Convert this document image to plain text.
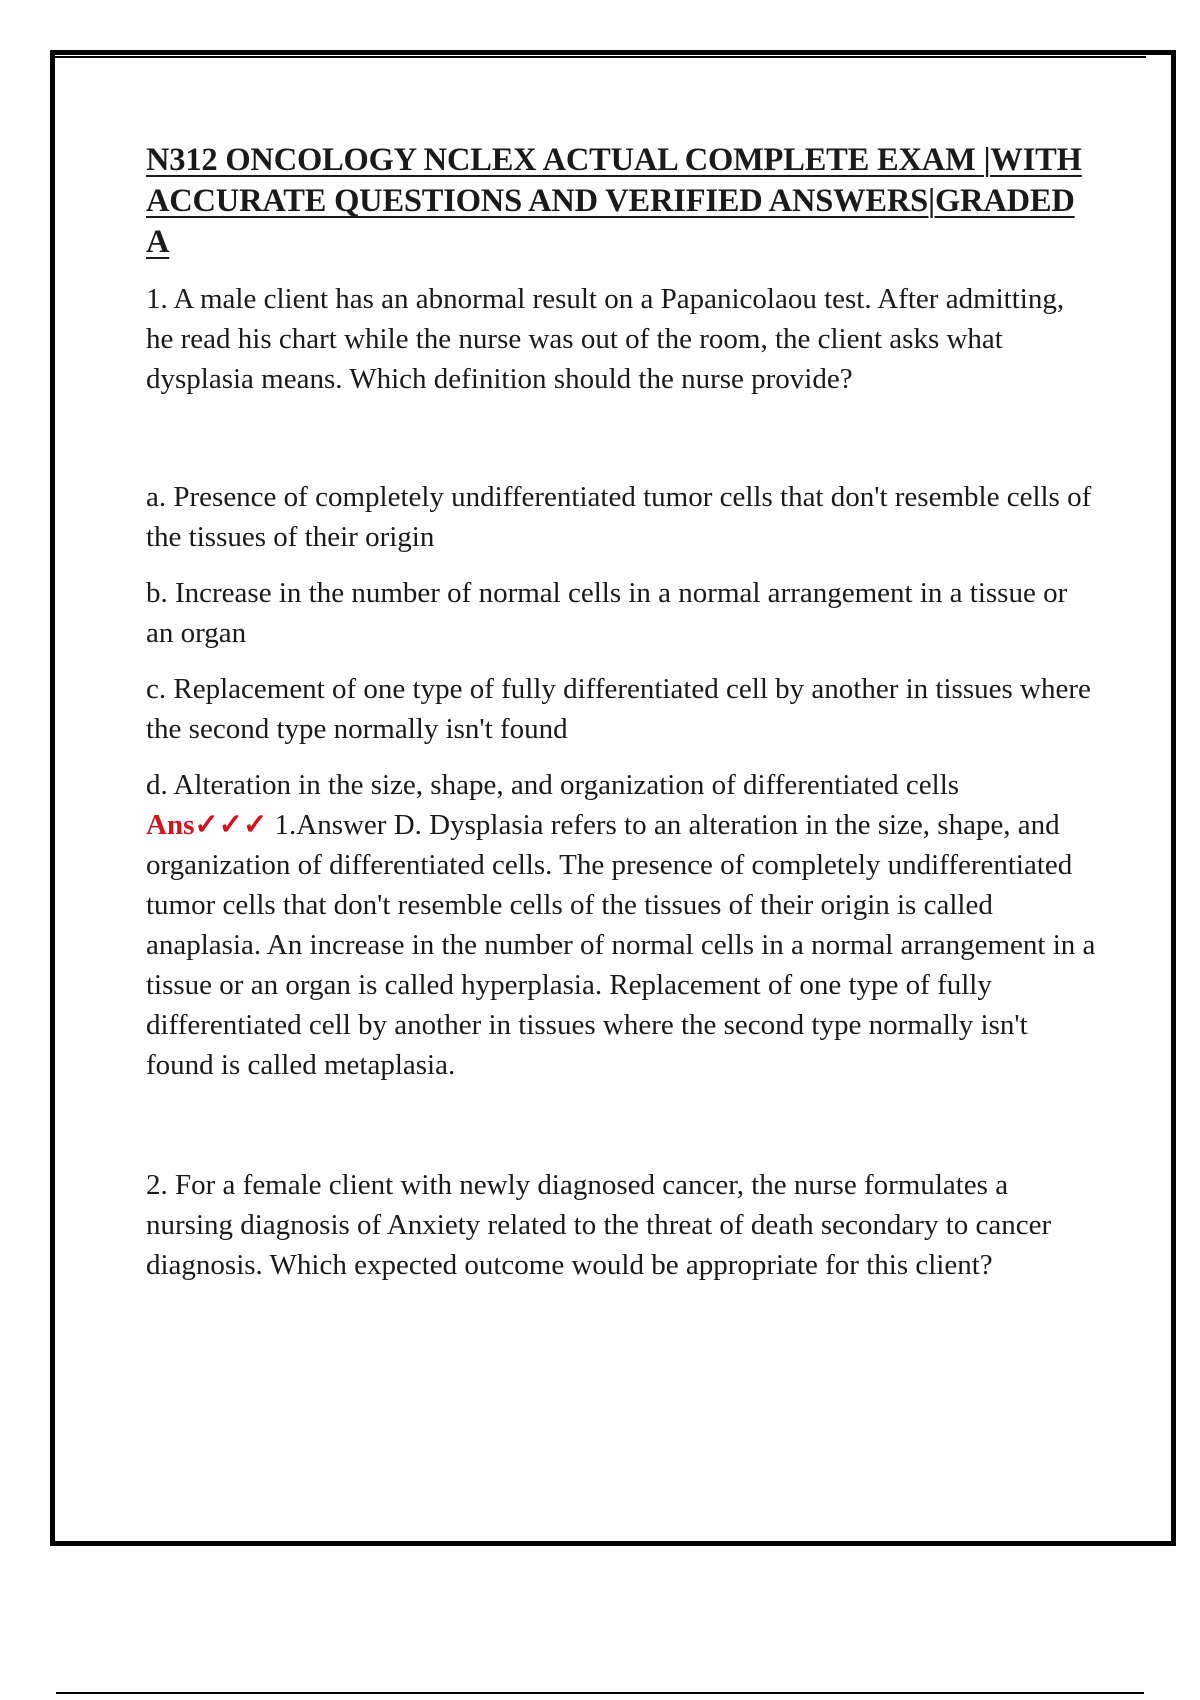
N312 ONCOLOGY NCLEX ACTUAL COMPLETE EXAM |WITH ACCURATE QUESTIONS AND VERIFIED ANSWERS|GRADED A

1. A male client has an abnormal result on a Papanicolaou test. After admitting, he read his chart while the nurse was out of the room, the client asks what dysplasia means. Which definition should the nurse provide?

a. Presence of completely undifferentiated tumor cells that don't resemble cells of the tissues of their origin

b. Increase in the number of normal cells in a normal arrangement in a tissue or an organ

c. Replacement of one type of fully differentiated cell by another in tissues where the second type normally isn't found

d. Alteration in the size, shape, and organization of differentiated cells

Ans✓✓✓ 1.Answer D. Dysplasia refers to an alteration in the size, shape, and organization of differentiated cells. The presence of completely undifferentiated tumor cells that don't resemble cells of the tissues of their origin is called anaplasia. An increase in the number of normal cells in a normal arrangement in a tissue or an organ is called hyperplasia. Replacement of one type of fully differentiated cell by another in tissues where the second type normally isn't found is called metaplasia.

2. For a female client with newly diagnosed cancer, the nurse formulates a nursing diagnosis of Anxiety related to the threat of death secondary to cancer diagnosis. Which expected outcome would be appropriate for this client?
